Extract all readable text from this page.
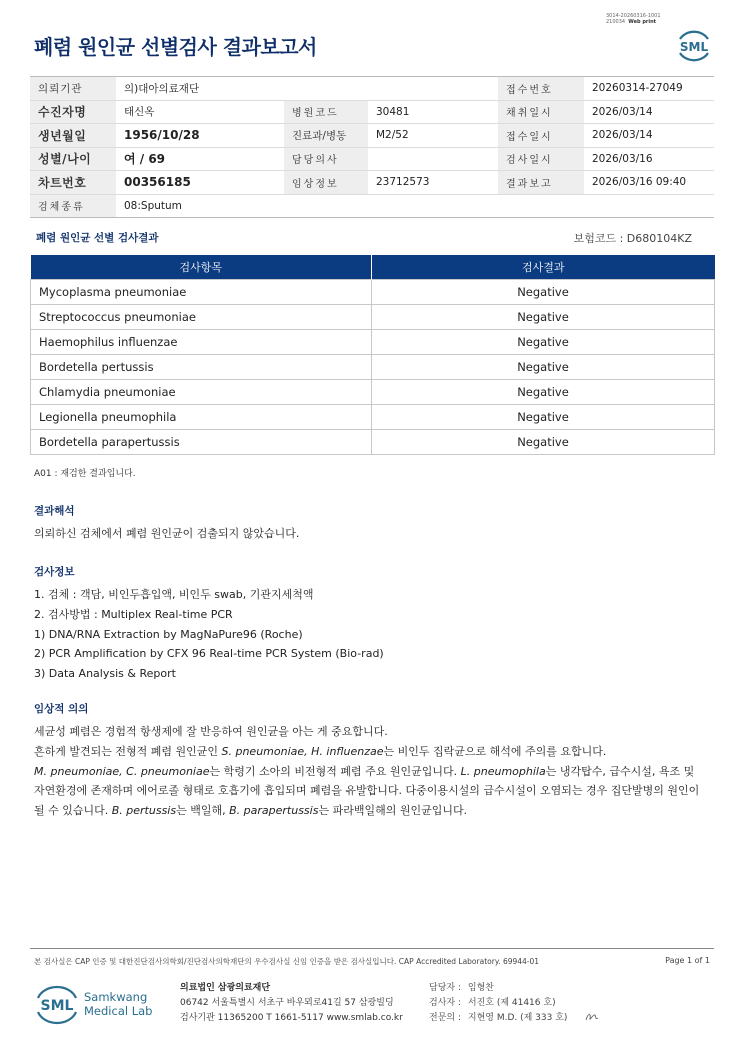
3014-20260316-1001
210034 Web print
폐렴 원인균 선별검사 결과보고서	SML
의뢰기관	의)대아의료재단			접수번호	20260314-27049
수진자명	태신옥	병원코드	30481	채취일시	2026/03/14
생년월일	1956/10/28	진료과/병동	M2/52	접수일시	2026/03/14
성별/나이	여 / 69	담당의사		검사일시	2026/03/16
차트번호	00356185	임상정보	23712573	결과보고	2026/03/16 09:40
검체종류	08:Sputum				
폐렴 원인균 선별 검사결과	보험코드 : D680104KZ
검사항목	검사결과
Mycoplasma pneumoniae	Negative
Streptococcus pneumoniae	Negative
Haemophilus influenzae	Negative
Bordetella pertussis	Negative
Chlamydia pneumoniae	Negative
Legionella pneumophila	Negative
Bordetella parapertussis	Negative
A01 : 재검한 결과입니다.
결과해석

의뢰하신 검체에서 폐렴 원인균이 검출되지 않았습니다.

검사정보

1. 검체 : 객담, 비인두흡입액, 비인두 swab, 기관지세척액

2. 검사방법 : Multiplex Real-time PCR

1) DNA/RNA Extraction by MagNaPure96 (Roche)

2) PCR Amplification by CFX 96 Real-time PCR System (Bio-rad)

3) Data Analysis & Report

임상적 의의

세균성 폐렴은 경험적 항생제에 잘 반응하여 원인균을 아는 게 중요합니다.

흔하게 발견되는 전형적 폐렴 원인균인 S. pneumoniae, H. influenzae는 비인두 집락균으로 해석에 주의를 요합니다.

M. pneumoniae, C. pneumoniae는 학령기 소아의 비전형적 폐렴 주요 원인균입니다. L. pneumophila는 냉각탑수, 급수시설, 욕조 및

자연환경에 존재하며 에어로졸 형태로 호흡기에 흡입되며 폐렴을 유발합니다. 다중이용시설의 급수시설이 오염되는 경우 집단발병의 원인이

될 수 있습니다. B. pertussis는 백일해, B. parapertussis는 파라백일해의 원인균입니다.

본 검사실은 CAP 인증 및 대한진단검사의학회/진단검사의학재단의 우수검사실 신임 인증을 받은 검사실입니다. CAP Accredited Laboratory. 69944-01	Page 1 of 1
SML
Samkwang
Medical Lab
의료법인 삼광의료재단
06742 서울특별시 서초구 바우뫼로41길 57 삼광빌딩
검사기관 11365200 T 1661-5117 www.smlab.co.kr
담당자 : 임형찬
검사자 : 서진호 (제 41416 호)
전문의 : 지현영 M.D. (제 333 호)
